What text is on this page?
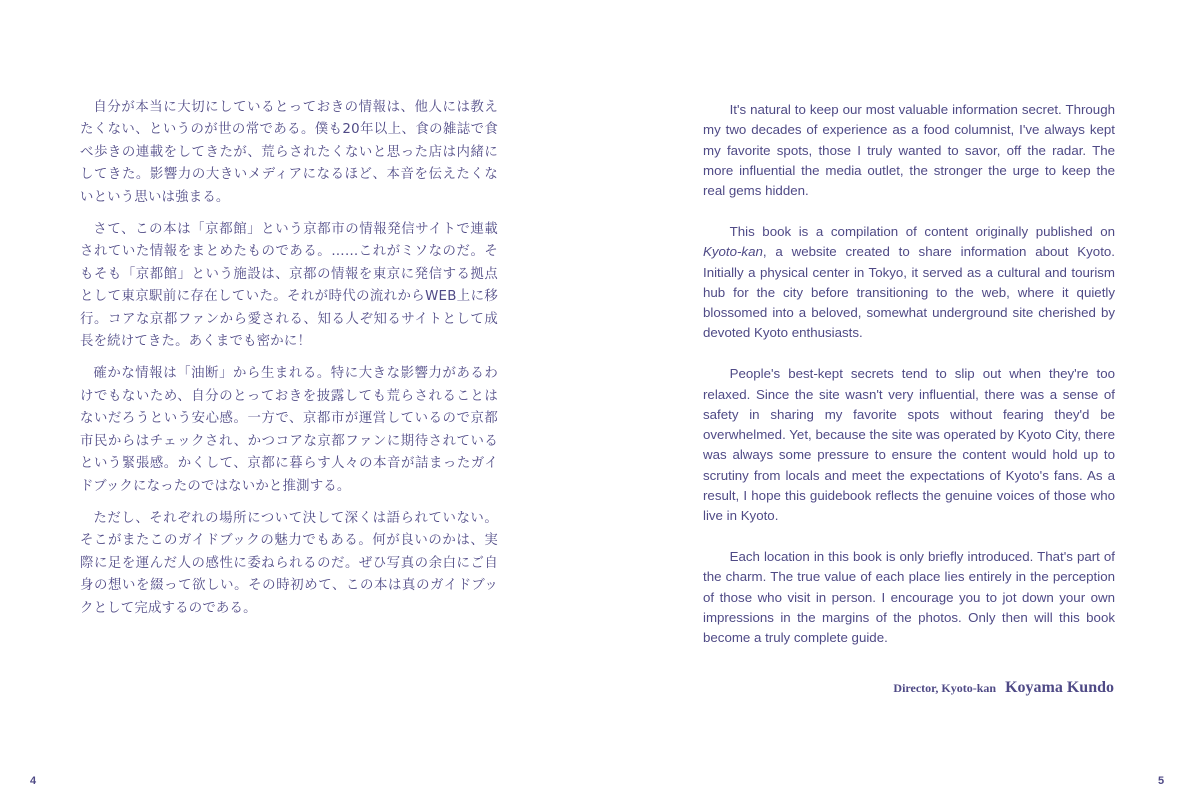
自分が本当に大切にしているとっておきの情報は、他人には教えたくない、というのが世の常である。僕も20年以上、食の雑誌で食べ歩きの連載をしてきたが、荒らされたくないと思った店は内緒にしてきた。影響力の大きいメディアになるほど、本音を伝えたくないという思いは強まる。

さて、この本は「京都館」という京都市の情報発信サイトで連載されていた情報をまとめたものである。……これがミソなのだ。そもそも「京都館」という施設は、京都の情報を東京に発信する拠点として東京駅前に存在していた。それが時代の流れからWEB上に移行。コアな京都ファンから愛される、知る人ぞ知るサイトとして成長を続けてきた。あくまでも密かに！

確かな情報は「油断」から生まれる。特に大きな影響力があるわけでもないため、自分のとっておきを披露しても荒らされることはないだろうという安心感。一方で、京都市が運営しているので京都市民からはチェックされ、かつコアな京都ファンに期待されているという緊張感。かくして、京都に暮らす人々の本音が詰まったガイドブックになったのではないかと推測する。

ただし、それぞれの場所について決して深くは語られていない。そこがまたこのガイドブックの魅力でもある。何が良いのかは、実際に足を運んだ人の感性に委ねられるのだ。ぜひ写真の余白にご自身の想いを綴って欲しい。その時初めて、この本は真のガイドブックとして完成するのである。

4

It's natural to keep our most valuable information secret. Through my two decades of experience as a food columnist, I've always kept my favorite spots, those I truly wanted to savor, off the radar. The more influential the media outlet, the stronger the urge to keep the real gems hidden.

This book is a compilation of content originally published on Kyoto-kan, a website created to share information about Kyoto. Initially a physical center in Tokyo, it served as a cultural and tourism hub for the city before transitioning to the web, where it quietly blossomed into a beloved, somewhat underground site cherished by devoted Kyoto enthusiasts.

People's best-kept secrets tend to slip out when they're too relaxed. Since the site wasn't very influential, there was a sense of safety in sharing my favorite spots without fearing they'd be overwhelmed. Yet, because the site was operated by Kyoto City, there was always some pressure to ensure the content would hold up to scrutiny from locals and meet the expectations of Kyoto's fans. As a result, I hope this guidebook reflects the genuine voices of those who live in Kyoto.

Each location in this book is only briefly introduced. That's part of the charm. The true value of each place lies entirely in the perception of those who visit in person. I encourage you to jot down your own impressions in the margins of the photos. Only then will this book become a truly complete guide.

Director, Kyoto-kan Koyama Kundo
5
